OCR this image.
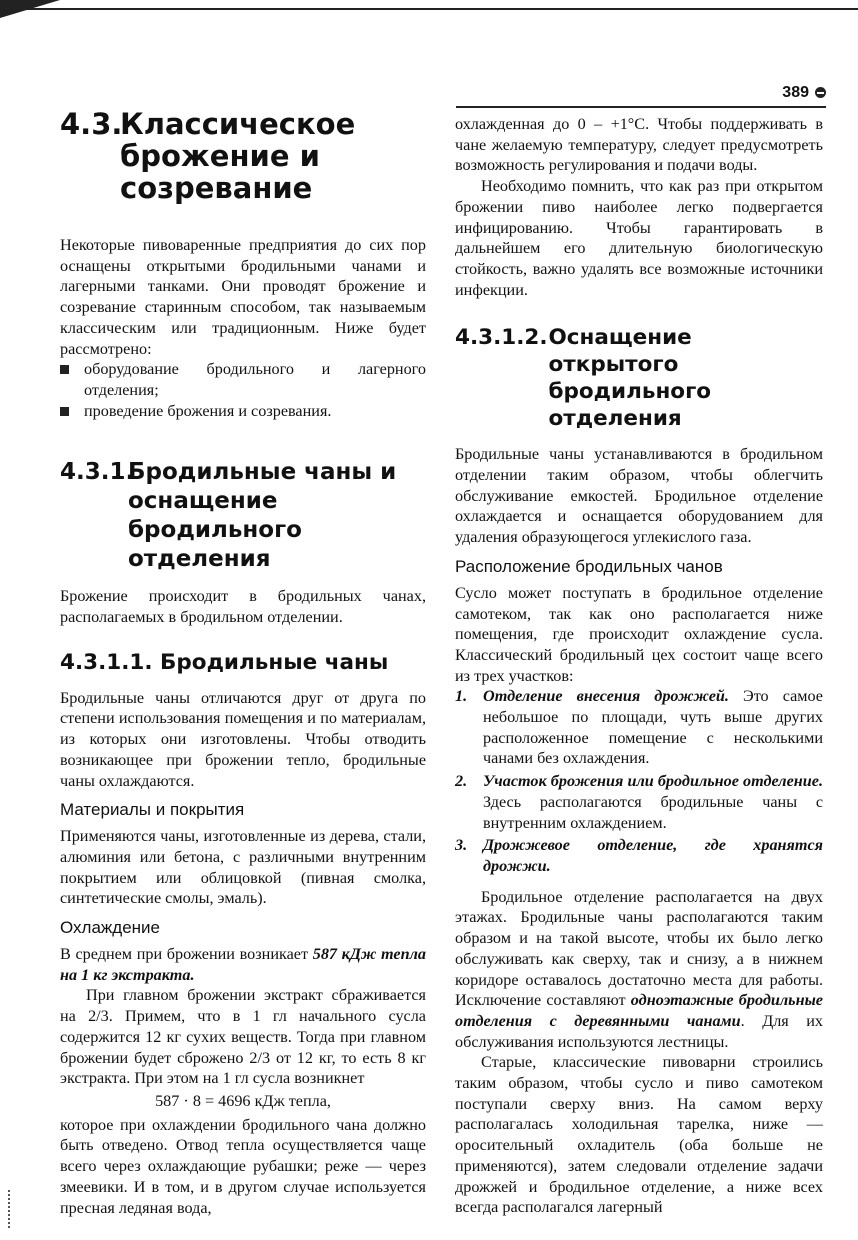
389
4.3.
Классическое брожение и созревание

Некоторые пивоваренные предприятия до сих пор оснащены открытыми бродильными чанами и лагерными танками. Они проводят брожение и созревание старинным способом, так называемым классическим или традиционным. Ниже будет рассмотрено:

оборудование бродильного и лагерного отделения;
проведение брожения и созревания.
4.3.1.
Бродильные чаны и оснащение бродильного отделения

Брожение происходит в бродильных чанах, располагаемых в бродильном отделении.

4.3.1.1.
Бродильные чаны

Бродильные чаны отличаются друг от друга по степени использования помещения и по материалам, из которых они изготовлены. Чтобы отводить возникающее при брожении тепло, бродильные чаны охлаждаются.

Материалы и покрытия

Применяются чаны, изготовленные из дерева, стали, алюминия или бетона, с различными внутренним покрытием или облицовкой (пивная смолка, синтетические смолы, эмаль).

Охлаждение

В среднем при брожении возникает 587 кДж тепла на 1 кг экстракта.

При главном брожении экстракт сбраживается на 2/3. Примем, что в 1 гл начального сусла содержится 12 кг сухих веществ. Тогда при главном брожении будет сброжено 2/3 от 12 кг, то есть 8 кг экстракта. При этом на 1 гл сусла возникнет

587 · 8 = 4696 кДж тепла,

которое при охлаждении бродильного чана должно быть отведено. Отвод тепла осуществляется чаще всего через охлаждающие рубашки; реже — через змеевики. И в том, и в другом случае используется пресная ледяная вода,

охлажденная до 0 – +1°С. Чтобы поддерживать в чане желаемую температуру, следует предусмотреть возможность регулирования и подачи воды.

Необходимо помнить, что как раз при открытом брожении пиво наиболее легко подвергается инфицированию. Чтобы гарантировать в дальнейшем его длительную биологическую стойкость, важно удалять все возможные источники инфекции.

4.3.1.2.
Оснащение открытого бродильного отделения

Бродильные чаны устанавливаются в бродильном отделении таким образом, чтобы облегчить обслуживание емкостей. Бродильное отделение охлаждается и оснащается оборудованием для удаления образующегося углекислого газа.

Расположение бродильных чанов

Сусло может поступать в бродильное отделение самотеком, так как оно располагается ниже помещения, где происходит охлаждение сусла. Классический бродильный цех состоит чаще всего из трех участков:

1. Отделение внесения дрожжей. Это самое небольшое по площади, чуть выше других расположенное помещение с несколькими чанами без охлаждения.
2. Участок брожения или бродильное отделение. Здесь располагаются бродильные чаны с внутренним охлаждением.
3. Дрожжевое отделение, где хранятся дрожжи.

Бродильное отделение располагается на двух этажах. Бродильные чаны располагаются таким образом и на такой высоте, чтобы их было легко обслуживать как сверху, так и снизу, а в нижнем коридоре оставалось достаточно места для работы. Исключение составляют одноэтажные бродильные отделения с деревянными чанами. Для их обслуживания используются лестницы.

Старые, классические пивоварни строились таким образом, чтобы сусло и пиво самотеком поступали сверху вниз. На самом верху располагалась холодильная тарелка, ниже — оросительный охладитель (оба больше не применяются), затем следовали отделение задачи дрожжей и бродильное отделение, а ниже всех всегда располагался лагерный
